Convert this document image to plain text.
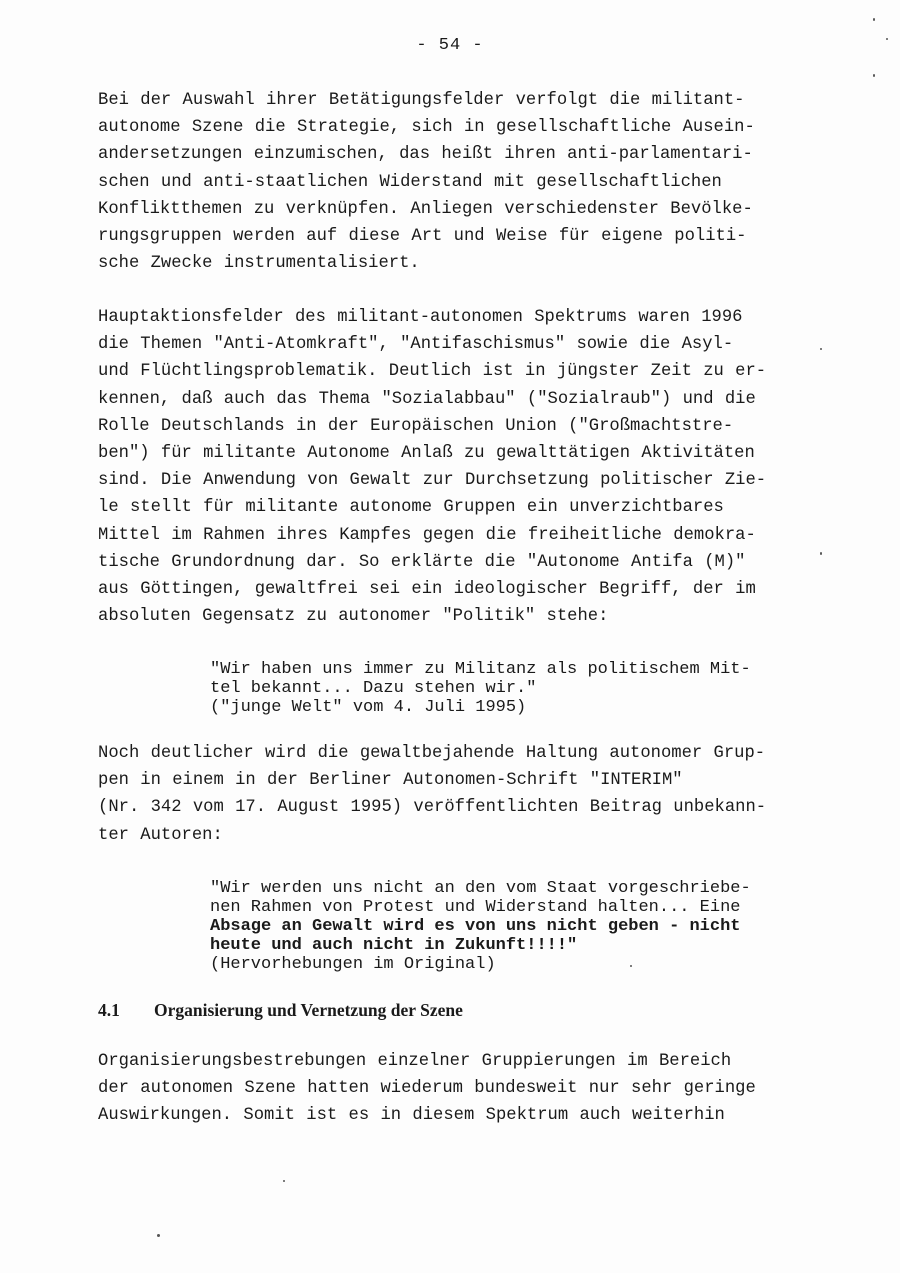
- 54 -
Bei der Auswahl ihrer Betätigungsfelder verfolgt die militant-
autonome Szene die Strategie, sich in gesellschaftliche Ausein-
andersetzungen einzumischen, das heißt ihren anti-parlamentari-
schen und anti-staatlichen Widerstand mit gesellschaftlichen
Konfliktthemen zu verknüpfen. Anliegen verschiedenster Bevölke-
rungsgruppen werden auf diese Art und Weise für eigene politi-
sche Zwecke instrumentalisiert.
Hauptaktionsfelder des militant-autonomen Spektrums waren 1996
die Themen "Anti-Atomkraft", "Antifaschismus" sowie die Asyl-
und Flüchtlingsproblematik. Deutlich ist in jüngster Zeit zu er-
kennen, daß auch das Thema "Sozialabbau" ("Sozialraub") und die
Rolle Deutschlands in der Europäischen Union ("Großmachtstre-
ben") für militante Autonome Anlaß zu gewalttätigen Aktivitäten
sind. Die Anwendung von Gewalt zur Durchsetzung politischer Zie-
le stellt für militante autonome Gruppen ein unverzichtbares
Mittel im Rahmen ihres Kampfes gegen die freiheitliche demokra-
tische Grundordnung dar. So erklärte die "Autonome Antifa (M)"
aus Göttingen, gewaltfrei sei ein ideologischer Begriff, der im
absoluten Gegensatz zu autonomer "Politik" stehe:
"Wir haben uns immer zu Militanz als politischem Mit-
tel bekannt... Dazu stehen wir."
("junge Welt" vom 4. Juli 1995)
Noch deutlicher wird die gewaltbejahende Haltung autonomer Grup-
pen in einem in der Berliner Autonomen-Schrift "INTERIM"
(Nr. 342 vom 17. August 1995) veröffentlichten Beitrag unbekann-
ter Autoren:
"Wir werden uns nicht an den vom Staat vorgeschriebe-
nen Rahmen von Protest und Widerstand halten... Eine
Absage an Gewalt wird es von uns nicht geben - nicht
heute und auch nicht in Zukunft!!!!"
(Hervorhebungen im Original)
4.1 Organisierung und Vernetzung der Szene
Organisierungsbestrebungen einzelner Gruppierungen im Bereich
der autonomen Szene hatten wiederum bundesweit nur sehr geringe
Auswirkungen. Somit ist es in diesem Spektrum auch weiterhin
